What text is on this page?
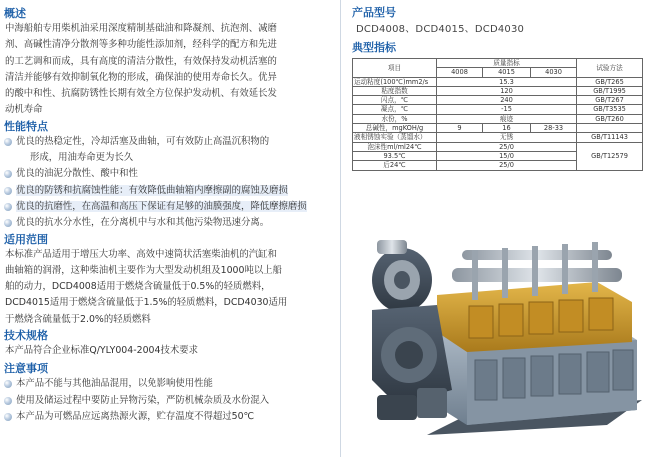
概述

中海船舶专用柴机油采用深度精制基础油和降凝剂、抗泡剂、减磨

剂、高碱性清净分散剂等多种功能性添加剂，经科学的配方和先进

的工艺调和而成，具有高度的清洁分散性，有效保持发动机活塞的

清洁并能够有效抑制氧化物的形成，确保油的使用寿命长久。优异

的酸中和性、抗腐防锈性长期有效全方位保护发动机、有效延长发

动机寿命

性能特点

优良的热稳定性，冷却活塞及曲轴，可有效防止高温沉积物的

形成，用油寿命更为长久

优良的油泥分散性、酸中和性

优良的防锈和抗腐蚀性能：有效降低曲轴箱内摩擦副的腐蚀及磨损

优良的抗磨性，在高温和高压下保证有足够的油膜强度，降低摩擦磨损

优良的抗水分水性，在分离机中与水和其他污染物迅速分离。

适用范围

本标准产品适用于增压大功率、高效中速筒状活塞柴油机的汽缸和

曲轴箱的润滑，这种柴油机主要作为大型发动机组及1000吨以上船

舶的动力，DCD4008适用于燃烧含硫量低于0.5%的轻质燃料，

DCD4015适用于燃烧含硫量低于1.5%的轻质燃料，DCD4030适用

于燃烧含硫量低于2.0%的轻质燃料

技术规格

本产品符合企业标准Q/YLY004-2004技术要求

注意事项

本产品不能与其他油品混用，以免影响使用性能

使用及储运过程中要防止异物污染，严防机械杂质及水份混入

本产品为可燃品应远离热源火源，贮存温度不得超过50℃

产品型号

DCD4008、DCD4015、DCD4030

典型指标
项目	质量指标			试验方法
	4008	4015	4030	
运动粘度(100℃)mm2/s	15.3			GB/T265
粘度指数	120			GB/T1995
闪点，℃	240			GB/T267
凝点，℃	-15			GB/T3535
水份，%	痕迹			GB/T260
总碱性，mgKOH/g	9	16	28-33	
液相锈蚀实验（蒸馏水）	无锈			GB/T11143
泡沫性ml/ml24℃	25/0			GB/T12579
93.5℃	15/0			
后24℃	25/0			
